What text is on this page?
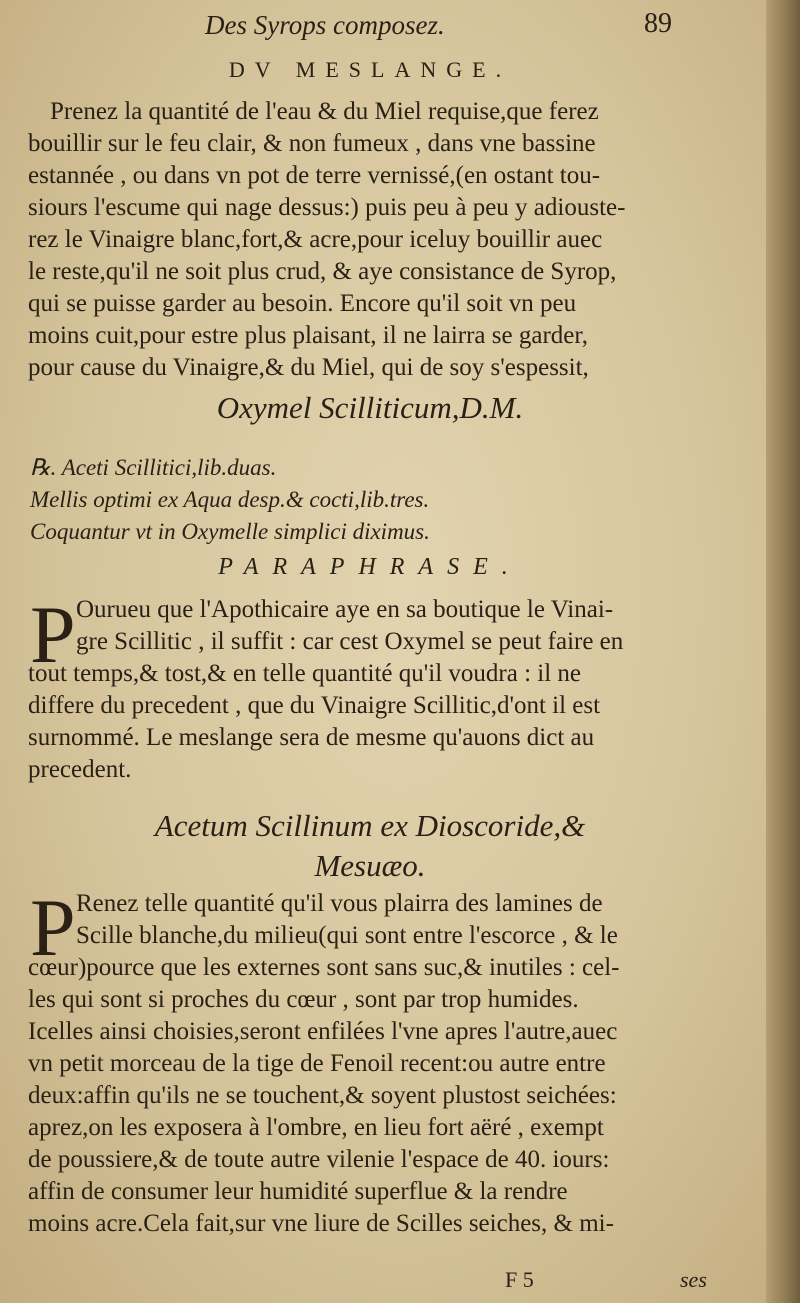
Des Syrops composez.	89
DV MESLANGE.
Prenez la quantité de l'eau & du Miel requise,que ferez
bouillir sur le feu clair, & non fumeux , dans vne bassine
estannée , ou dans vn pot de terre vernissé,(en ostant tou-
siours l'escume qui nage dessus:) puis peu à peu y adiouste-
rez le Vinaigre blanc,fort,& acre,pour iceluy bouillir auec
le reste,qu'il ne soit plus crud, & aye consistance de Syrop,
qui se puisse garder au besoin. Encore qu'il soit vn peu
moins cuit,pour estre plus plaisant, il ne lairra se garder,
pour cause du Vinaigre,& du Miel, qui de soy s'espessit,
Oxymel Scilliticum,D.M.
℞. Aceti Scillitici,lib.duas.
Mellis optimi ex Aqua desp.& cocti,lib.tres.
Coquantur vt in Oxymelle simplici diximus.
PARAPHRASE.
P Ourueu que l'Apothicaire aye en sa boutique le Vinai-
gre Scillitic , il suffit : car cest Oxymel se peut faire en
tout temps,& tost,& en telle quantité qu'il voudra : il ne
differe du precedent , que du Vinaigre Scillitic,d'ont il est
surnommé. Le meslange sera de mesme qu'auons dict au
precedent.
Acetum Scillinum ex Dioscoride,&
Mesuæo.
P Renez telle quantité qu'il vous plairra des lamines de
Scille blanche,du milieu(qui sont entre l'escorce , & le
cœur)pource que les externes sont sans suc,& inutiles : cel-
les qui sont si proches du cœur , sont par trop humides.
Icelles ainsi choisies,seront enfilées l'vne apres l'autre,auec
vn petit morceau de la tige de Fenoil recent:ou autre entre
deux:affin qu'ils ne se touchent,& soyent plustost seichées:
aprez,on les exposera à l'ombre, en lieu fort aëré , exempt
de poussiere,& de toute autre vilenie l'espace de 40. iours:
affin de consumer leur humidité superflue & la rendre
moins acre.Cela fait,sur vne liure de Scilles seiches, & mi-
F 5	ses
